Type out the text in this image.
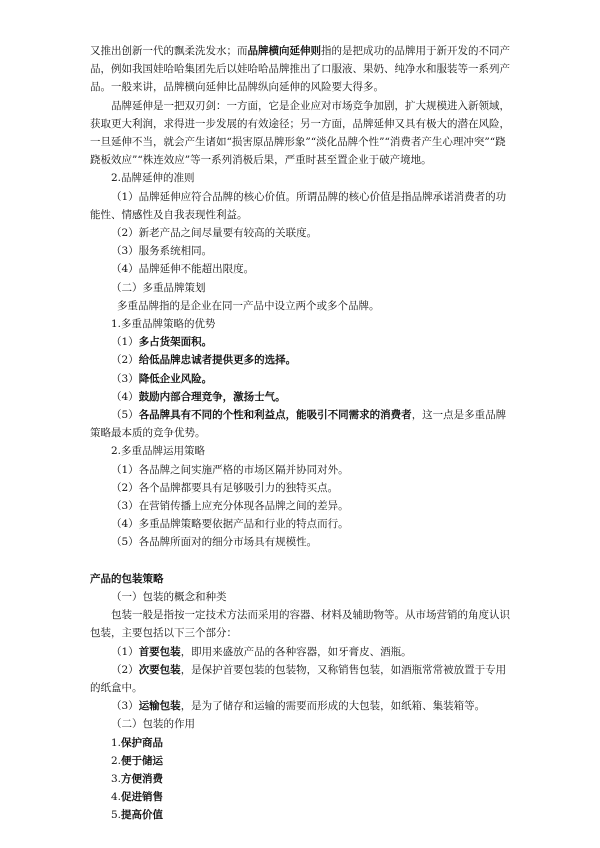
又推出创新一代的飘柔洗发水；而品牌横向延伸则指的是把成功的品牌用于新开发的不同产品，例如我国娃哈哈集团先后以娃哈哈品牌推出了口服液、果奶、纯净水和服装等一系列产品。一般来讲，品牌横向延伸比品牌纵向延伸的风险要大得多。

品牌延伸是一把双刃剑：一方面，它是企业应对市场竞争加剧，扩大规模进入新领域，获取更大利润，求得进一步发展的有效途径；另一方面，品牌延伸又具有极大的潜在风险，一旦延伸不当，就会产生诸如“损害原品牌形象”“淡化品牌个性”“消费者产生心理冲突”“跷跷板效应”“株连效应”等一系列消极后果，严重时甚至置企业于破产境地。

2.品牌延伸的准则

（1）品牌延伸应符合品牌的核心价值。所谓品牌的核心价值是指品牌承诺消费者的功能性、情感性及自我表现性利益。

（2）新老产品之间尽量要有较高的关联度。

（3）服务系统相同。

（4）品牌延伸不能超出限度。

（二）多重品牌策划

多重品牌指的是企业在同一产品中设立两个或多个品牌。

1.多重品牌策略的优势

（1）多占货架面积。

（2）给低品牌忠诚者提供更多的选择。

（3）降低企业风险。

（4）鼓励内部合理竞争，激扬士气。

（5）各品牌具有不同的个性和利益点，能吸引不同需求的消费者，这一点是多重品牌策略最本质的竞争优势。

2.多重品牌运用策略

（1）各品牌之间实施严格的市场区隔并协同对外。

（2）各个品牌都要具有足够吸引力的独特买点。

（3）在营销传播上应充分体现各品牌之间的差异。

（4）多重品牌策略要依据产品和行业的特点而行。

（5）各品牌所面对的细分市场具有规模性。

产品的包装策略

（一）包装的概念和种类

包装一般是指按一定技术方法而采用的容器、材料及辅助物等。从市场营销的角度认识包装，主要包括以下三个部分：

（1）首要包装，即用来盛放产品的各种容器，如牙膏皮、酒瓶。

（2）次要包装，是保护首要包装的包装物，又称销售包装，如酒瓶常常被放置于专用的纸盒中。

（3）运输包装，是为了储存和运输的需要而形成的大包装，如纸箱、集装箱等。

（二）包装的作用

1.保护商品

2.便于储运

3.方便消费

4.促进销售

5.提高价值
